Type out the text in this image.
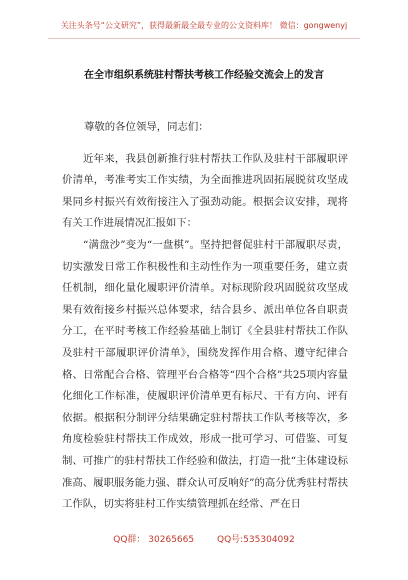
关注头条号“公文研究”，获得最新最全最专业的公文资料库！ 微信：gongwenyj
在全市组织系统驻村帮扶考核工作经验交流会上的发言

尊敬的各位领导，同志们：

近年来，我县创新推行驻村帮扶工作队及驻村干部履职评价清单，考准考实工作实绩，为全面推进巩固拓展脱贫攻坚成果同乡村振兴有效衔接注入了强劲动能。根据会议安排，现将有关工作进展情况汇报如下：

“满盘沙”变为“一盘棋”。坚持把督促驻村干部履职尽责，切实激发日常工作积极性和主动性作为一项重要任务，建立责任机制，细化量化履职评价清单。对标现阶段巩固脱贫攻坚成果有效衔接乡村振兴总体要求，结合县乡、派出单位各自职责分工，在平时考核工作经验基础上制订《全县驻村帮扶工作队及驻村干部履职评价清单》，围绕发挥作用合格、遵守纪律合格、日常配合合格、管理平台合格等“四个合格”共25项内容量化细化工作标准，使履职评价清单更有标尺、干有方向、评有依据。根据积分制评分结果确定驻村帮扶工作队考核等次，多角度检验驻村帮扶工作成效，形成一批可学习、可借鉴、可复制、可推广的驻村帮扶工作经验和做法，打造一批“主体建设标准高、履职服务能力强、群众认可反响好”的高分优秀驻村帮扶工作队，切实将驻村工作实绩管理抓在经常、严在日

QQ群： 30265665	QQ号:535304092
